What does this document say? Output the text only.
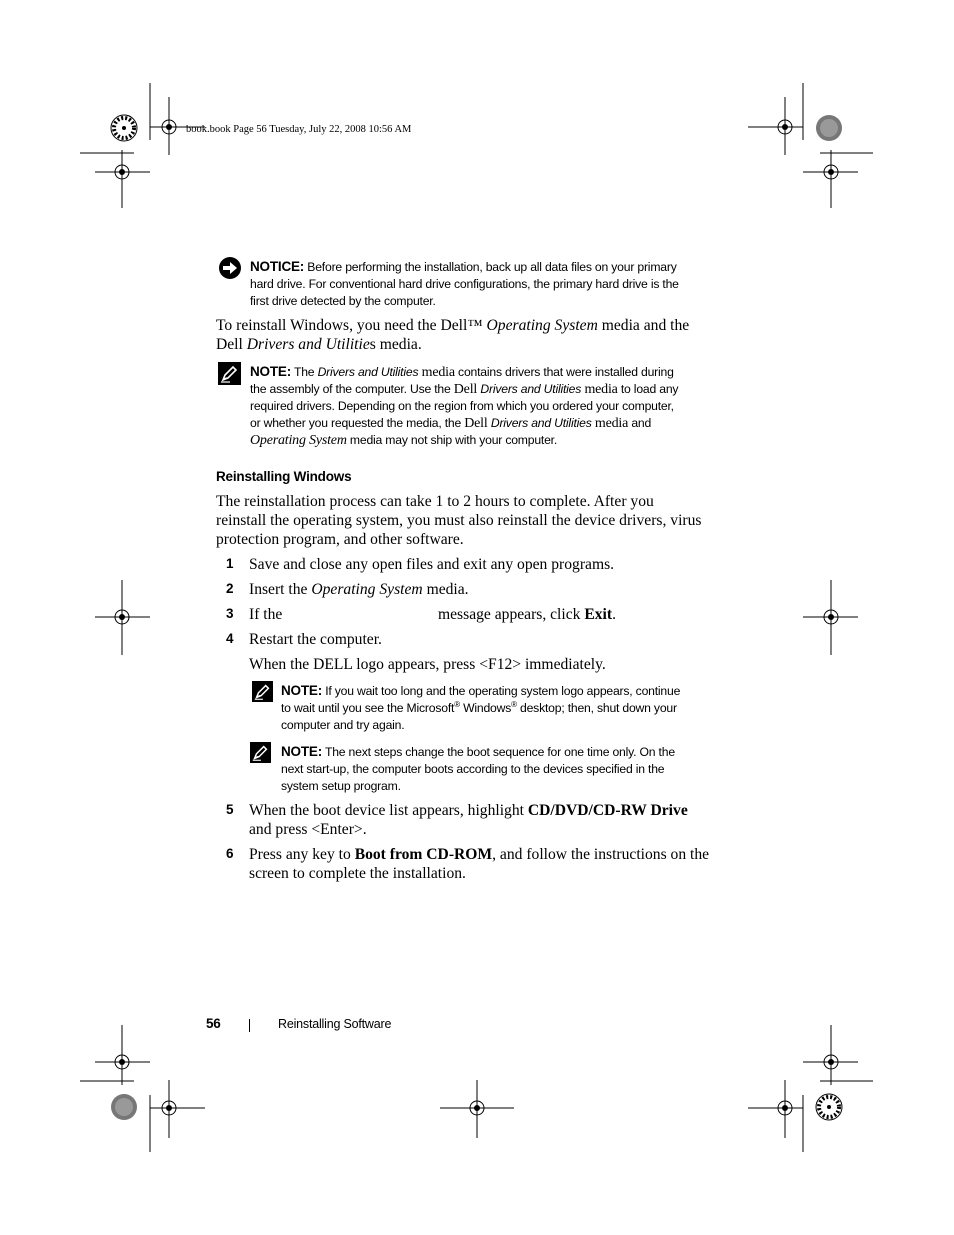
book.book Page 56 Tuesday, July 22, 2008 10:56 AM
NOTICE: Before performing the installation, back up all data files on your primary
hard drive. For conventional hard drive configurations, the primary hard drive is the
first drive detected by the computer.
To reinstall Windows, you need the Dell™ Operating System media and the
Dell Drivers and Utilities media.
NOTE: The Drivers and Utilities media contains drivers that were installed during
the assembly of the computer. Use the Dell Drivers and Utilities media to load any
required drivers. Depending on the region from which you ordered your computer,
or whether you requested the media, the Dell Drivers and Utilities media and
Operating System media may not ship with your computer.
Reinstalling Windows
The reinstallation process can take 1 to 2 hours to complete. After you
reinstall the operating system, you must also reinstall the device drivers, virus
protection program, and other software.
1 Save and close any open files and exit any open programs.
2 Insert the Operating System media.
3 If the	message appears, click Exit.
4 Restart the computer.
When the DELL logo appears, press <F12> immediately.
NOTE: If you wait too long and the operating system logo appears, continue
to wait until you see the Microsoft® Windows® desktop; then, shut down your
computer and try again.
NOTE: The next steps change the boot sequence for one time only. On the
next start-up, the computer boots according to the devices specified in the
system setup program.
5 When the boot device list appears, highlight CD/DVD/CD-RW Drive
and press <Enter>.
6 Press any key to Boot from CD-ROM, and follow the instructions on the
screen to complete the installation.
56	Reinstalling Software
